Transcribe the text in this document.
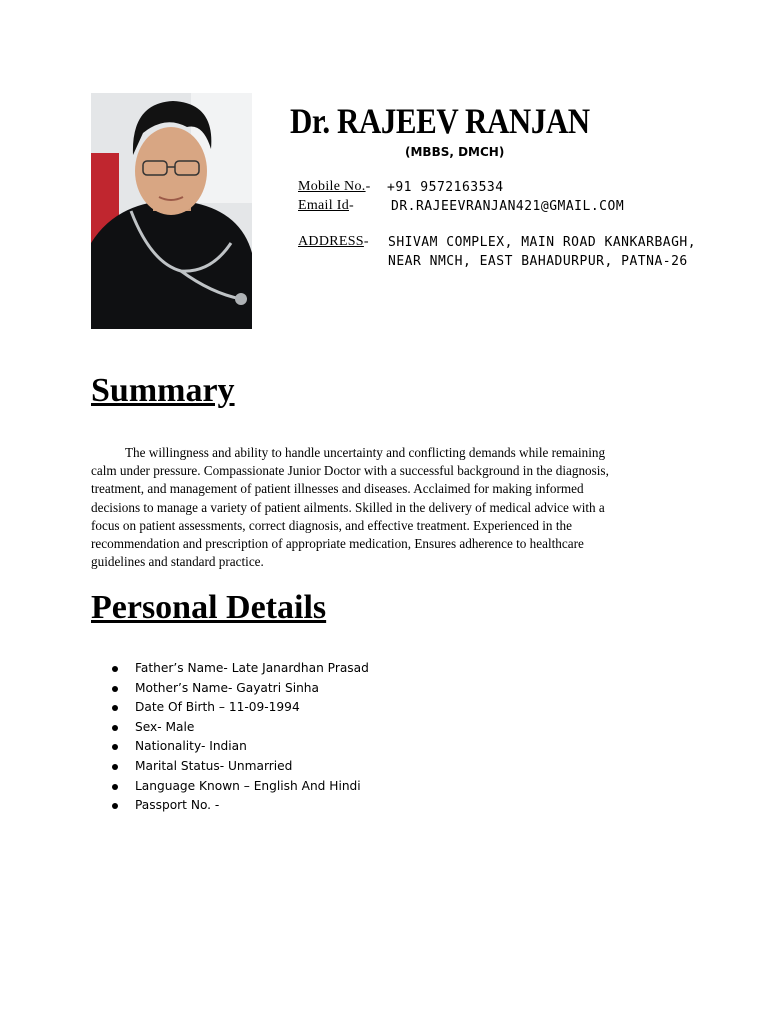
Dr. RAJEEV RANJAN
(MBBS, DMCH)
Mobile No.- +91 9572163534
Email Id-	DR.RAJEEVRANJAN421@GMAIL.COM
ADDRESS- SHIVAM COMPLEX, MAIN ROAD KANKARBAGH,
NEAR NMCH, EAST BAHADURPUR, PATNA-26
Summary
The willingness and ability to handle uncertainty and conflicting demands while remaining
calm under pressure. Compassionate Junior Doctor with a successful background in the diagnosis,
treatment, and management of patient illnesses and diseases. Acclaimed for making informed
decisions to manage a variety of patient ailments. Skilled in the delivery of medical advice with a
focus on patient assessments, correct diagnosis, and effective treatment. Experienced in the
recommendation and prescription of appropriate medication, Ensures adherence to healthcare
guidelines and standard practice.
Personal Details
Father’s Name- Late Janardhan Prasad
Mother’s Name- Gayatri Sinha
Date Of Birth – 11-09-1994
Sex- Male
Nationality- Indian
Marital Status- Unmarried
Language Known – English And Hindi
Passport No. -
